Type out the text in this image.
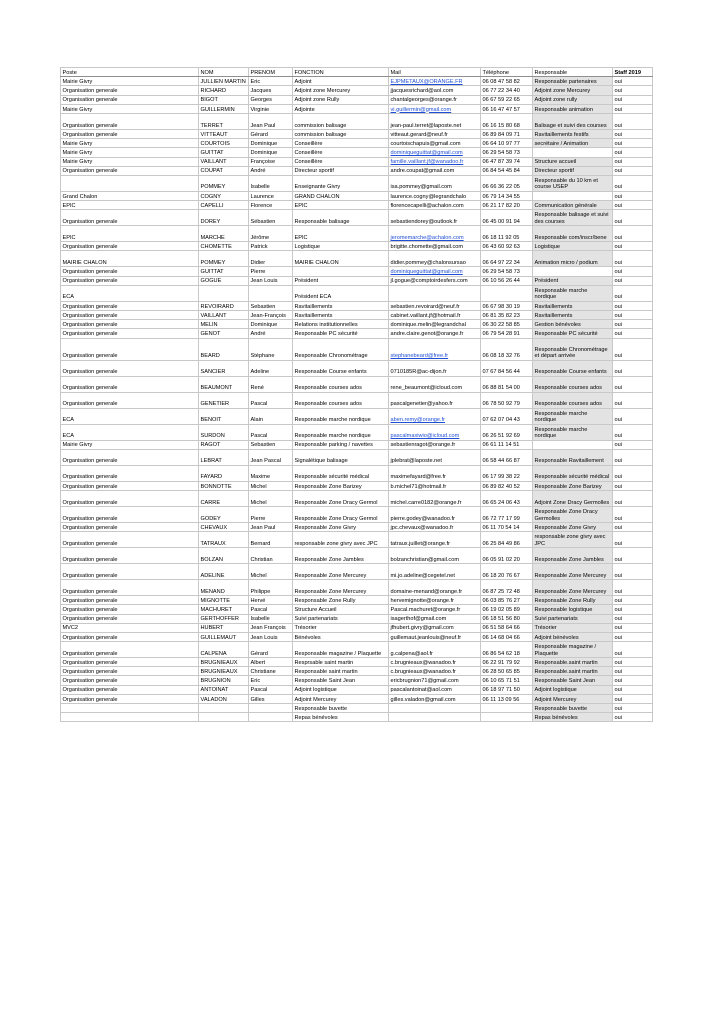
Poste	NOM	PRENOM	FONCTION	Mail	Téléphone	Responsable	Staff 2019
Mairie Givry	JULLIEN MARTIN	Eric	Adjoint	EJPMETAUX@ORANGE.FR	06 08 47 58 82	Responsable partenaires	oui
Organisation generale	RICHARD	Jacques	Adjoint zone Mercurey	jjacquesrichard@aol.com	06 77 22 34 40	Adjoint zone Mercurey	oui
Organisation generale	BIGOT	Georges	Adjoint zone Rully	chantalgeorges@orange.fr	06 67 59 22 65	Adjoint zone rully	oui
Mairie Givry	GUILLERMIN	Virginie	Adjointe	vi.guillermin@gmail.com	06 16 47 47 57	Responsable animation	oui
Organisation generale	TERRET	Jean Paul	commission balisage	jean-paul.terret@laposte.net	06 16 15 80 68	Balisage et suivi des courses	oui
Organisation generale	VITTEAUT	Gérard	commission balisage	vitteaut.gerard@neuf.fr	06 89 84 09 71	Ravitaillements festifs	oui
Mairie Givry	COURTOIS	Dominique	Conseillère	courtoischapuis@gmail.com	06 64 10 97 77	secrétaire / Animation	oui
Mairie Givry	GUITTAT	Dominique	Conseillère	dominiqueguittat@gmail.com	06 29 54 58 73		oui
Mairie Givry	VAILLANT	Françoise	Conseillère	famille.vaillant.jf@wanadoo.fr	06 47 87 39 74	Structure accueil	oui
Organisation generale	COUPAT	André	Directeur sportif	andre.coupat@gmail.com	06 84 54 45 84	Directeur sportif	oui
	POMMEY	Isabelle	Enseignante Givry	isa.pommey@gmail.com	06 66 36 22 05	Responsable du 10 km et course USEP	oui
Grand Chalon	COGNY	Laurence	GRAND CHALON	laurence.cogny@legrandchalo	06 79 14 34 55		oui
EPIC	CAPELLI	Florence	EPIC	florencecapelli@achalon.com	06 21 17 82 20	Communication générale	oui
Organisation generale	DOREY	Sébastien	Responsable balisage	sebastiendorey@outlook.fr	06 45 00 91 94	Responsable balisage et suivi des courses	oui
EPIC	MARCHE	Jérôme	EPIC	jeromemarche@achalon.com	06 18 11 92 05	Responsable com/inscr/bene	oui
Organisation generale	CHOMETTE	Patrick	Logistique	brigitte.chomette@gmail.com	06 43 60 92 63	Logistique	oui
MAIRIE CHALON	POMMEY	Didier	MAIRIE CHALON	didier.pommey@chalonsursao	06 64 97 22 34	Animation micro / podium	oui
Organisation generale	GUITTAT	Pierre		dominiqueguittat@gmail.com	06 29 54 58 73		oui
Organisation generale	GOGUE	Jean Louis	Président	jl.gogue@comptoirdesfers.com	06 10 56 26 44	Président	oui
ECA			Président ECA			Responsable marche nordique	oui
Organisation generale	REVOIRARD	Sebastien	Ravitaillements	sebastien.revoirard@neuf.fr	06 67 98 30 19	Ravitaillements	oui
Organisation generale	VAILLANT	Jean-François	Ravitaillements	cabinet.vaillant.jf@hotmail.fr	06 81 35 82 23	Ravitaillements	oui
Organisation generale	MELIN	Dominique	Relations institutionnelles	dominique.melin@legrandchal	06 30 22 58 85	Gestion bénévoles	oui
Organisation generale	GENOT	André	Responsable PC sécurité	andre.claire.genot@orange.fr	06 79 54 28 91	Responsable PC sécurité	oui
Organisation generale	BEARD	Stéphane	Responsable Chronométrage	stephanebeard@free.fr	06 08 18 32 76	Responsable Chronométrage et départ arrivée	oui
Organisation generale	SANCIER	Adeline	Responsable Course enfants	0710185R@ac-dijon.fr	07 67 84 56 44	Responsable Course enfants	oui
Organisation generale	BEAUMONT	René	Responsable courses ados	rene_beaumont@icloud.com	06 88 81 54 00	Responsable courses ados	oui
Organisation generale	GENETIER	Pascal	Responsable courses ados	pascalgenetier@yahoo.fr	06 78 50 92 79	Responsable courses ados	oui
ECA	BENOIT	Alain	Responsable marche nordique	aben.remy@orange.fr	07 62 07 04 43	Responsable marche nordique	oui
ECA	SURDON	Pascal	Responsable marche nordique	pascalmaxiwio@icloud.com	06 26 51 92 69	Responsable marche nordique	oui
Mairie Givry	RAGOT	Sebastien	Responsable parking / navettes	sebastienragot@orange.fr	06 61 11 14 51		oui
Organisation generale	LEBRAT	Jean Pascal	Signalétique balisage	jplebrat@laposte.net	06 58 44 66 87	Responsable Ravitaillement	oui
Organisation generale	FAYARD	Maxime	Responsable sécurité médical	maximefayard@free.fr	06 17 99 38 22	Responsable sécurité médical	oui
Organisation generale	BONNOTTE	Michel	Responsable Zone Barizey	b.michel71@hotmail.fr	06 89 82 40 52	Responsable Zone Barizey	oui
Organisation generale	CARRE	Michel	Responsable Zone Dracy Germol	michel.carre0182@orange.fr	06 65 24 06 43	Adjoint Zone Dracy Germolles	oui
Organisation generale	GODEY	Pierre	Responsable Zone Dracy Germol	pierre.godey@wanadoo.fr	06 72 77 17 99	Responsable Zone Dracy Germolles	oui
Organisation generale	CHEVAUX	Jean Paul	Responsable Zone Givry	jpc.chevaux@wanadoo.fr	06 11 70 54 14	Responsable Zone Givry	oui
Organisation generale	TATRAUX	Bernard	responsable zone givry avec JPC	tatraux.juillet@orange.fr	06 25 84 49 86	responsable zone givry avec JPC	oui
Organisation generale	BOLZAN	Christian	Responsable Zone Jambles	bolzanchristian@gmail.com	06 05 91 02 20	Responsable Zone Jambles	oui
Organisation generale	ADELINE	Michel	Responsable Zone Mercurey	mi.jo.adeline@cegetel.net	06 18 20 76 67	Responsable Zone Mercurey	oui
Organisation generale	MENAND	Philippe	Responsable Zone Mercurey	domaine-menand@orange.fr	06 87 25 72 48	Responsable Zone Mercurey	oui
Organisation generale	MIGNOTTE	Hervé	Responsable Zone Rully	hervemignotte@orange.fr	06 03 85 76 27	Responsable Zone Rully	oui
Organisation generale	MACHURET	Pascal	Structure Accueil	Pascal.machuret@orange.fr	06 19 02 05 89	Responsable logistique	oui
Organisation generale	GERTHOFFER	Isabelle	Suivi partenariats	isagerthof@gmail.com	06 18 51 56 80	Suivi partenariats	oui
MVC2	HUBERT	Jean François	Trésorier	jfhubert.givry@gmail.com	06 51 58 64 66	Trésorier	oui
Organisation generale	GUILLEMAUT	Jean Louis	Bénévoles	guillemaut.jeanlouis@neuf.fr	06 14 68 04 66	Adjoint bénévoles	oui
Organisation generale	CALPENA	Gérard	Responsable magazine / Plaquette	g.calpena@aol.fr	06 86 54 62 18	Responsable magazine / Plaquette	oui
Organisation generale	BRUGNIEAUX	Albert	Resprsable saint martin	c.brugnieaux@wanadoo.fr	06 22 91 79 92	Responsable.saint martin	oui
Organisation generale	BRUGNIEAUX	Christiane	Responsable saint martin	c.brugnieaux@wanadoo.fr	06 28 50 65 85	Responsable.saint martin	oui
Organisation generale	BRUGNION	Eric	Responsable Saint Jean	ericbrugnion71@gmail.com	06 10 65 71 51	Responsable Saint Jean	oui
Organisation generale	ANTOINAT	Pascal	Adjoint logistique	pascalantoinat@aol.com	06 18 97 71 50	Adjoint logistique	oui
Organisation generale	VALADON	Gilles	Adjoint Mercurey	gilles.valadon@gmail.com	06 11 13 09 56	Adjoint Mercurey	oui
			Responsable buvette			Responsable buvette	oui
			Repas bénévoles			Repas bénévoles	oui
